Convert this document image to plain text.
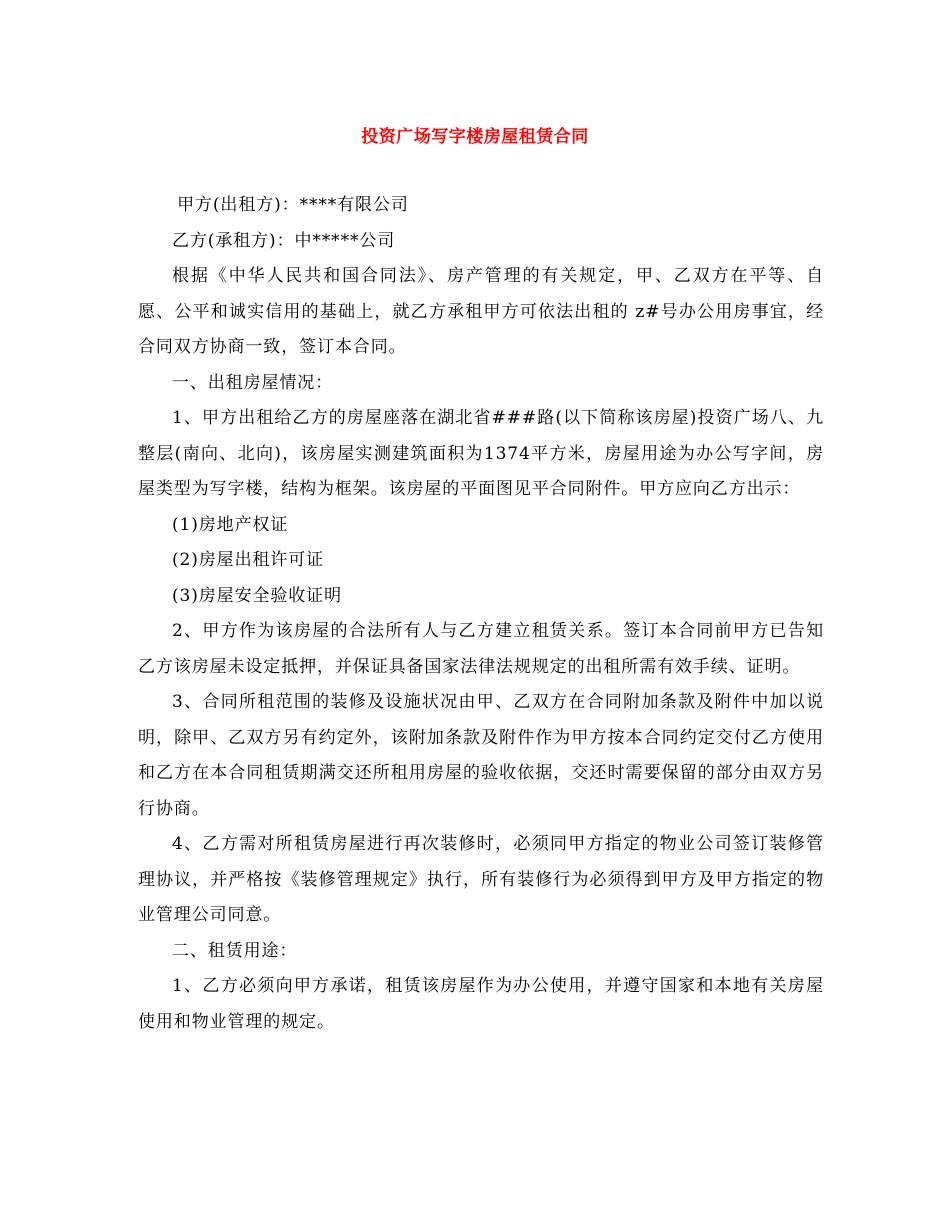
投资广场写字楼房屋租赁合同

甲方(出租方)：****有限公司

乙方(承租方)：中*****公司

根据《中华人民共和国合同法》、房产管理的有关规定，甲、乙双方在平等、自愿、公平和诚实信用的基础上，就乙方承租甲方可依法出租的 z#号办公用房事宜，经合同双方协商一致，签订本合同。

一、出租房屋情况：

1、甲方出租给乙方的房屋座落在湖北省###路(以下简称该房屋)投资广场八、九整层(南向、北向)，该房屋实测建筑面积为1374平方米，房屋用途为办公写字间，房屋类型为写字楼，结构为框架。该房屋的平面图见平合同附件。甲方应向乙方出示：

(1)房地产权证

(2)房屋出租许可证

(3)房屋安全验收证明

2、甲方作为该房屋的合法所有人与乙方建立租赁关系。签订本合同前甲方已告知乙方该房屋未设定抵押，并保证具备国家法律法规规定的出租所需有效手续、证明。

3、合同所租范围的装修及设施状况由甲、乙双方在合同附加条款及附件中加以说明，除甲、乙双方另有约定外，该附加条款及附件作为甲方按本合同约定交付乙方使用和乙方在本合同租赁期满交还所租用房屋的验收依据，交还时需要保留的部分由双方另行协商。

4、乙方需对所租赁房屋进行再次装修时，必须同甲方指定的物业公司签订装修管理协议，并严格按《装修管理规定》执行，所有装修行为必须得到甲方及甲方指定的物业管理公司同意。

二、租赁用途：

1、乙方必须向甲方承诺，租赁该房屋作为办公使用，并遵守国家和本地有关房屋使用和物业管理的规定。
